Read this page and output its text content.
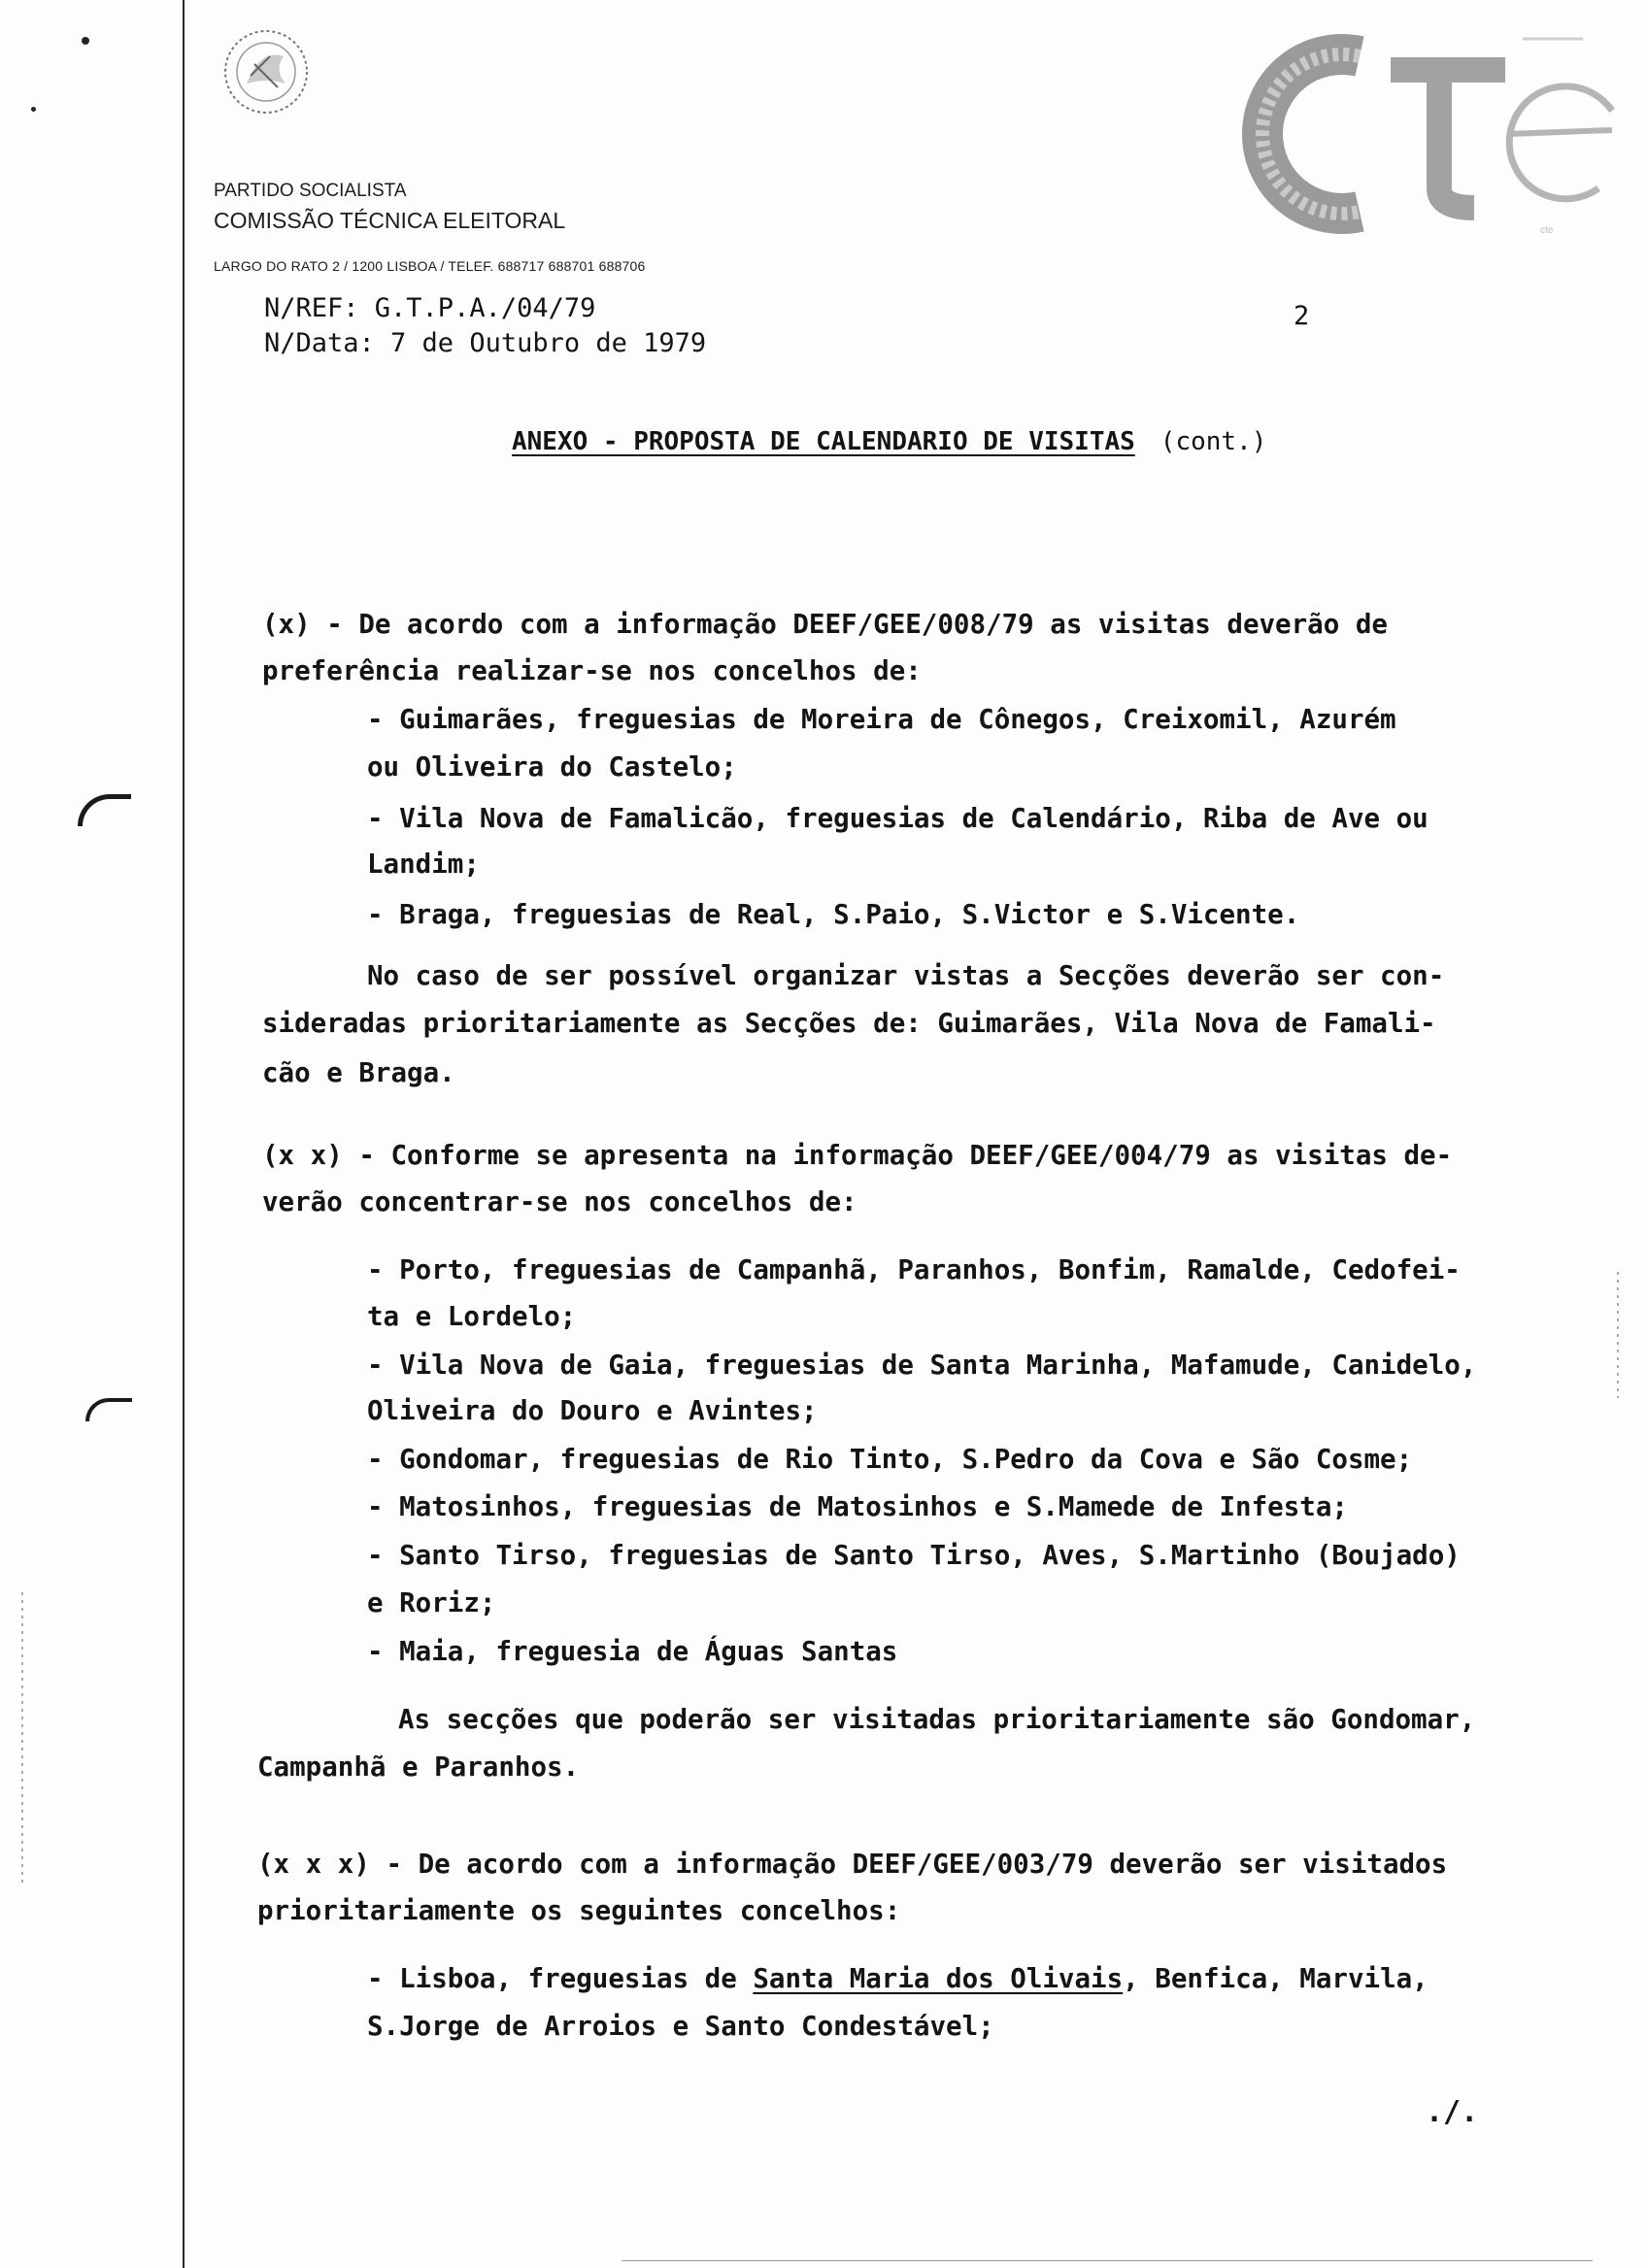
cte
PARTIDO SOCIALISTA
COMISSÃO TÉCNICA ELEITORAL
LARGO DO RATO 2 / 1200 LISBOA / TELEF. 688717 688701 688706
N/REF: G.T.P.A./04/79
N/Data: 7 de Outubro de 1979
2
ANEXO - PROPOSTA DE CALENDARIO DE VISITAS (cont.)
(x) - De acordo com a informação DEEF/GEE/008/79 as visitas deverão de
preferência realizar-se nos concelhos de:
- Guimarães, freguesias de Moreira de Cônegos, Creixomil, Azurém
ou Oliveira do Castelo;
- Vila Nova de Famalicão, freguesias de Calendário, Riba de Ave ou
Landim;
- Braga, freguesias de Real, S.Paio, S.Victor e S.Vicente.
No caso de ser possível organizar vistas a Secções deverão ser con-
sideradas prioritariamente as Secções de: Guimarães, Vila Nova de Famali-
cão e Braga.
(x x) - Conforme se apresenta na informação DEEF/GEE/004/79 as visitas de-
verão concentrar-se nos concelhos de:
- Porto, freguesias de Campanhã, Paranhos, Bonfim, Ramalde, Cedofei-
ta e Lordelo;
- Vila Nova de Gaia, freguesias de Santa Marinha, Mafamude, Canidelo,
Oliveira do Douro e Avintes;
- Gondomar, freguesias de Rio Tinto, S.Pedro da Cova e São Cosme;
- Matosinhos, freguesias de Matosinhos e S.Mamede de Infesta;
- Santo Tirso, freguesias de Santo Tirso, Aves, S.Martinho (Boujado)
e Roriz;
- Maia, freguesia de Águas Santas
As secções que poderão ser visitadas prioritariamente são Gondomar,
Campanhã e Paranhos.
(x x x) - De acordo com a informação DEEF/GEE/003/79 deverão ser visitados
prioritariamente os seguintes concelhos:
- Lisboa, freguesias de Santa Maria dos Olivais, Benfica, Marvila,
S.Jorge de Arroios e Santo Condestável;
./.
